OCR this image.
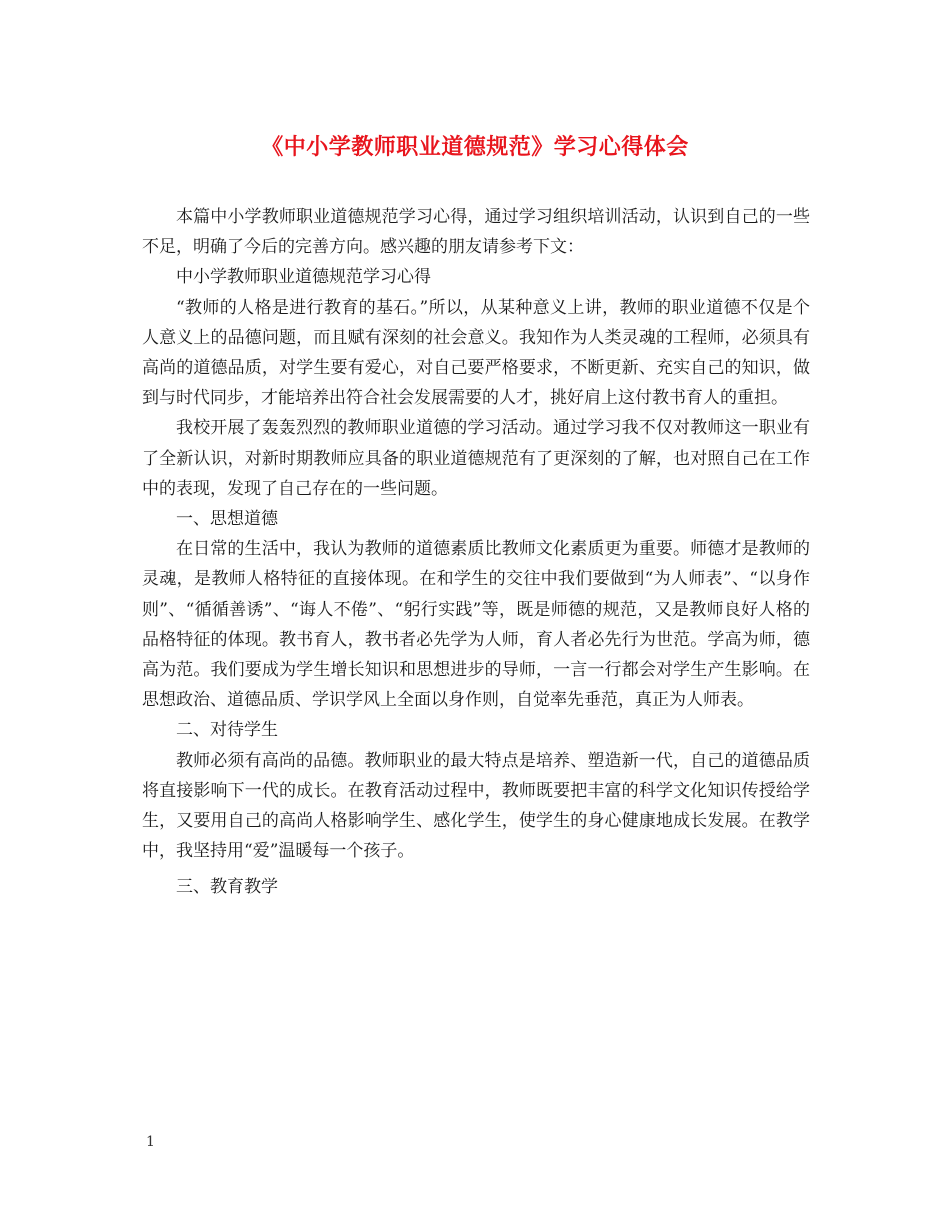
《中小学教师职业道德规范》学习心得体会

本篇中小学教师职业道德规范学习心得，通过学习组织培训活动，认识到自己的一些不足，明确了今后的完善方向。感兴趣的朋友请参考下文：

中小学教师职业道德规范学习心得

“教师的人格是进行教育的基石。”所以，从某种意义上讲，教师的职业道德不仅是个人意义上的品德问题，而且赋有深刻的社会意义。我知作为人类灵魂的工程师，必须具有高尚的道德品质，对学生要有爱心，对自己要严格要求，不断更新、充实自己的知识，做到与时代同步，才能培养出符合社会发展需要的人才，挑好肩上这付教书育人的重担。

我校开展了轰轰烈烈的教师职业道德的学习活动。通过学习我不仅对教师这一职业有了全新认识，对新时期教师应具备的职业道德规范有了更深刻的了解，也对照自己在工作中的表现，发现了自己存在的一些问题。

一、思想道德

在日常的生活中，我认为教师的道德素质比教师文化素质更为重要。师德才是教师的灵魂，是教师人格特征的直接体现。在和学生的交往中我们要做到“为人师表”、“以身作则”、“循循善诱”、“诲人不倦”、“躬行实践”等，既是师德的规范，又是教师良好人格的品格特征的体现。教书育人，教书者必先学为人师，育人者必先行为世范。学高为师，德高为范。我们要成为学生增长知识和思想进步的导师，一言一行都会对学生产生影响。在思想政治、道德品质、学识学风上全面以身作则，自觉率先垂范，真正为人师表。

二、对待学生

教师必须有高尚的品德。教师职业的最大特点是培养、塑造新一代，自己的道德品质将直接影响下一代的成长。在教育活动过程中，教师既要把丰富的科学文化知识传授给学生，又要用自己的高尚人格影响学生、感化学生，使学生的身心健康地成长发展。在教学中，我坚持用“爱”温暖每一个孩子。

三、教育教学

1
